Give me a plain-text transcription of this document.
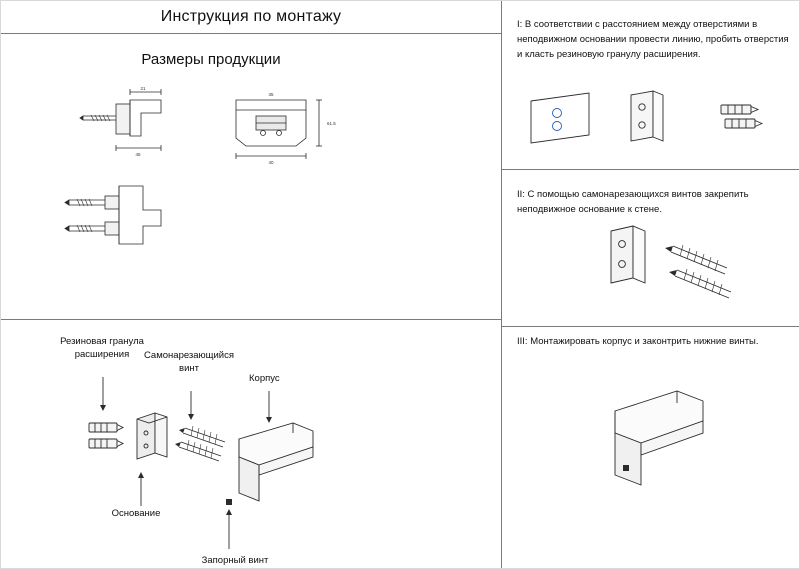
Инструкция по монтажу
Размеры продукции
21
45
35
61.5
40
Резиновая гранула расширения	Самонарезающийся винт
Корпус
Основание
Запорный винт
I: В соответствии с расстоянием между отверстиями в неподвижном основании провести линию, пробить отверстия и класть резиновую гранулу расширения.
II: С помощью самонарезающихся винтов закрепить неподвижное основание к стене.
III: Монтажировать корпус и законтрить нижние винты.
